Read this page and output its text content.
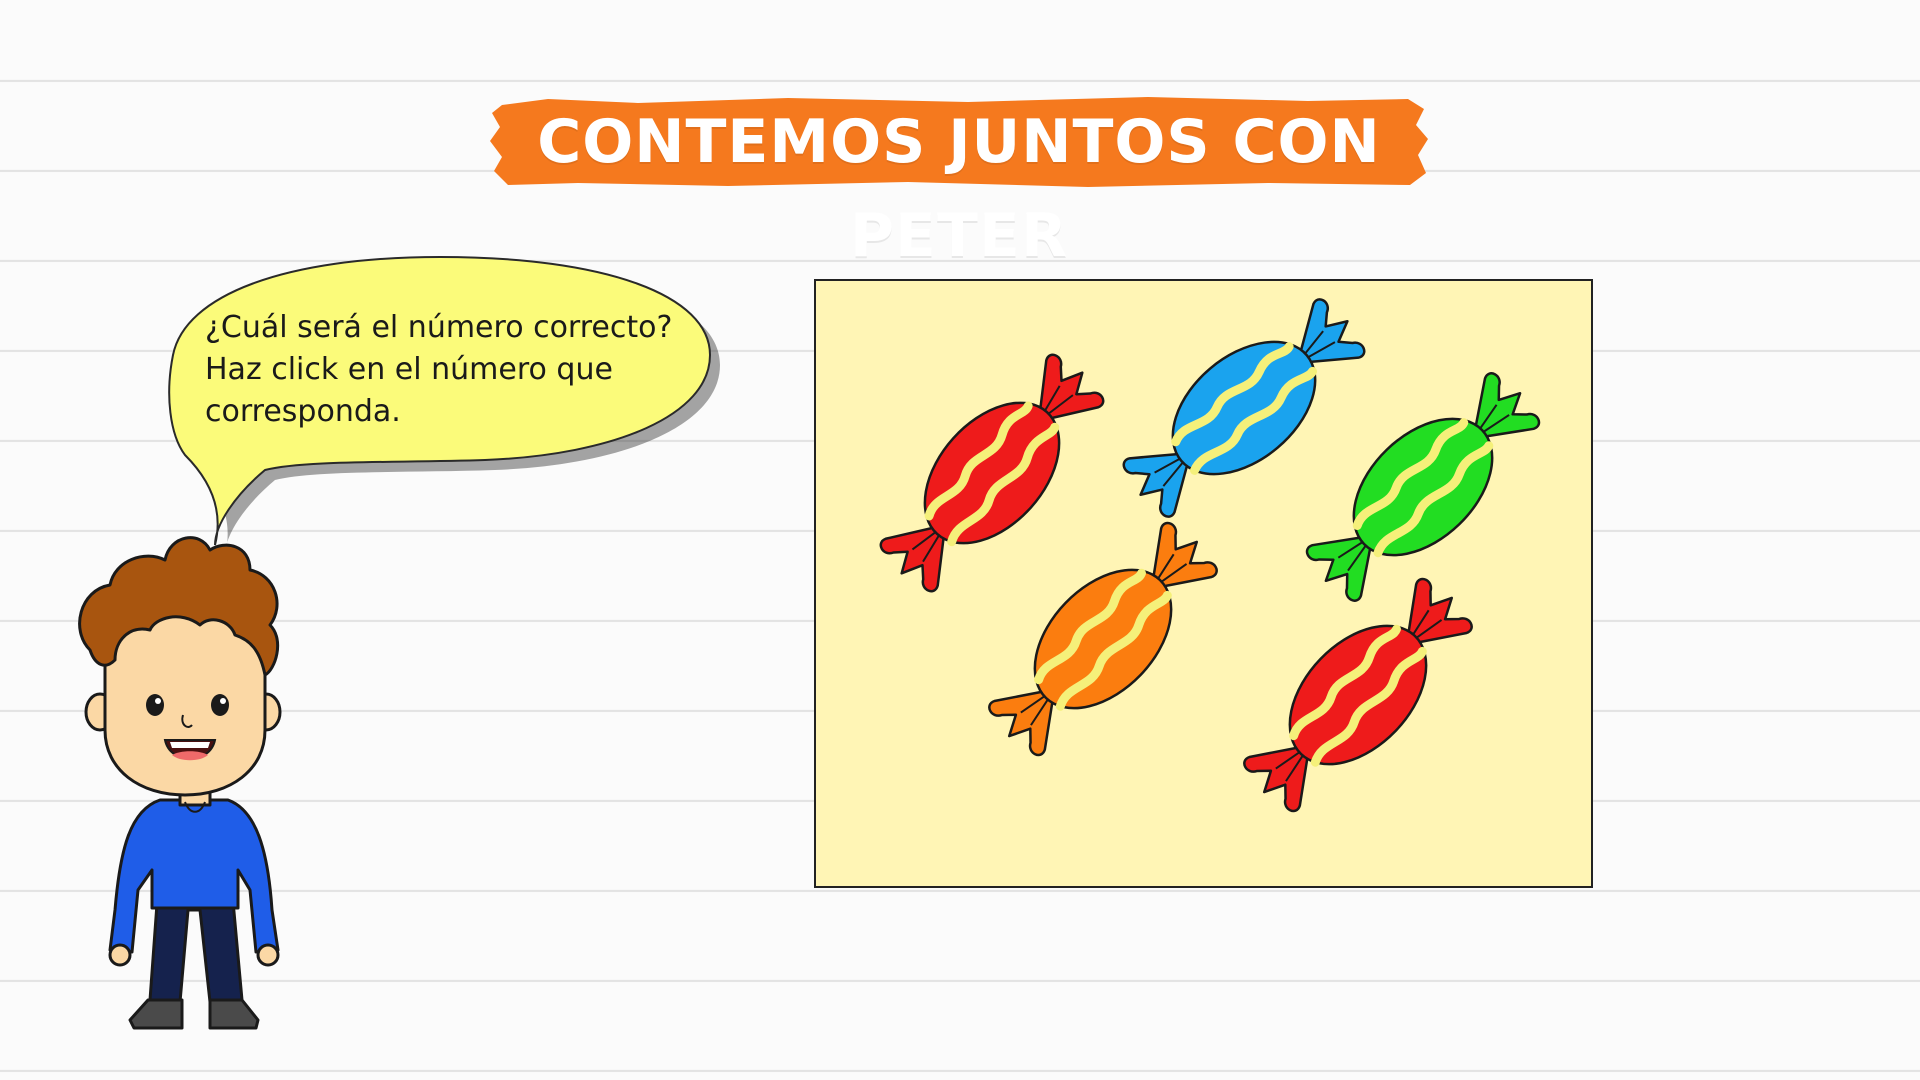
CONTEMOS JUNTOS CON PETER
¿Cuál será el número correcto?
Haz click en el número que
corresponda.
